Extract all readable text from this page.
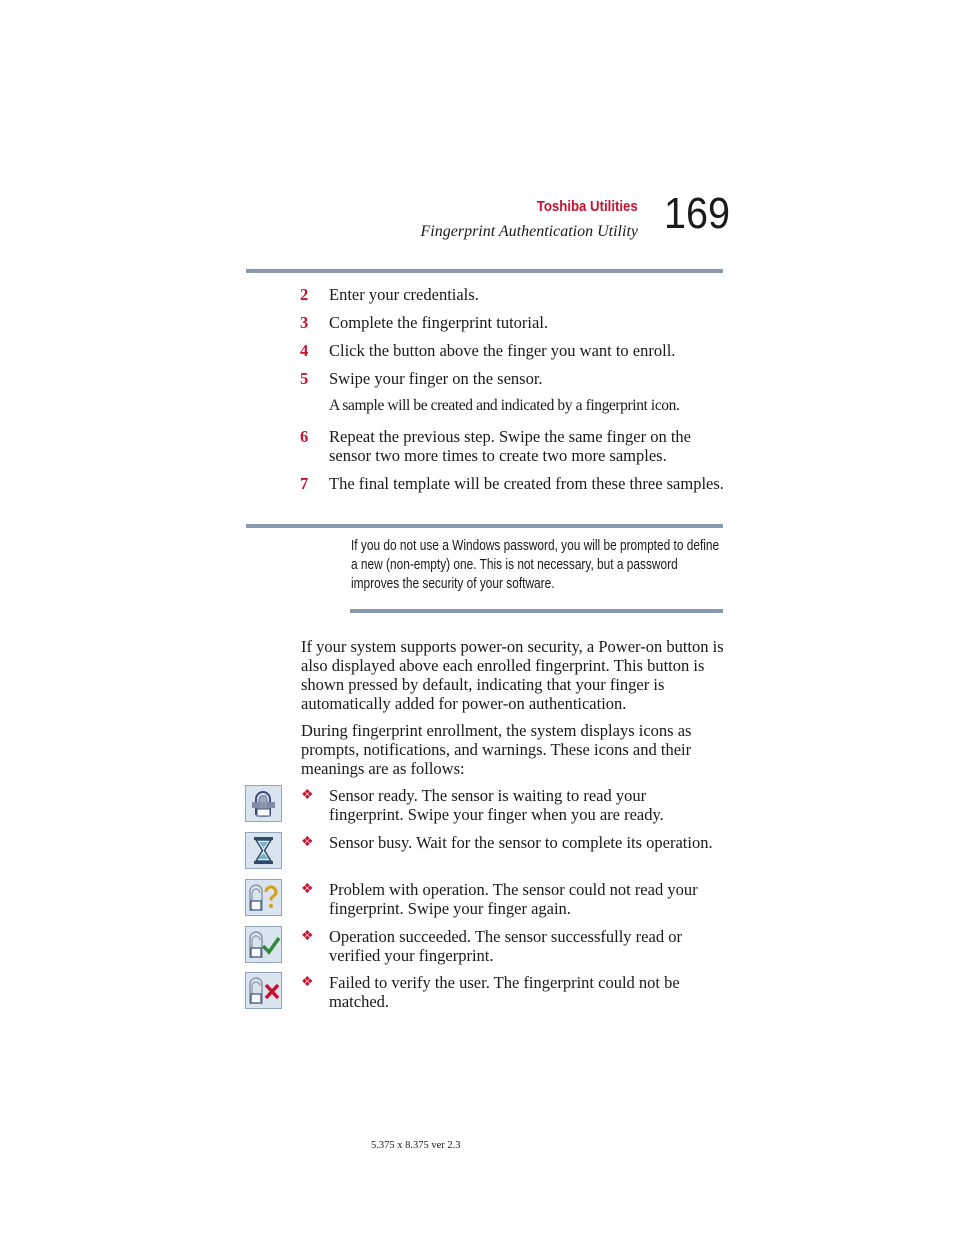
Toshiba Utilities
Fingerprint Authentication Utility 169
2	Enter your credentials.
3	Complete the fingerprint tutorial.
4	Click the button above the finger you want to enroll.
5	Swipe your finger on the sensor.
A sample will be created and indicated by a fingerprint icon.
6	Repeat the previous step. Swipe the same finger on the sensor two more times to create two more samples.
7	The final template will be created from these three samples.
If you do not use a Windows password, you will be prompted to define a new (non-empty) one. This is not necessary, but a password improves the security of your software.
If your system supports power-on security, a Power-on button is also displayed above each enrolled fingerprint. This button is shown pressed by default, indicating that your finger is automatically added for power-on authentication.
During fingerprint enrollment, the system displays icons as prompts, notifications, and warnings. These icons and their meanings are as follows:
❖ Sensor ready. The sensor is waiting to read your fingerprint. Swipe your finger when you are ready.
❖ Sensor busy. Wait for the sensor to complete its operation.
❖ Problem with operation. The sensor could not read your fingerprint. Swipe your finger again.
❖ Operation succeeded. The sensor successfully read or verified your fingerprint.
❖ Failed to verify the user. The fingerprint could not be matched.
5.375 x 8.375 ver 2.3
